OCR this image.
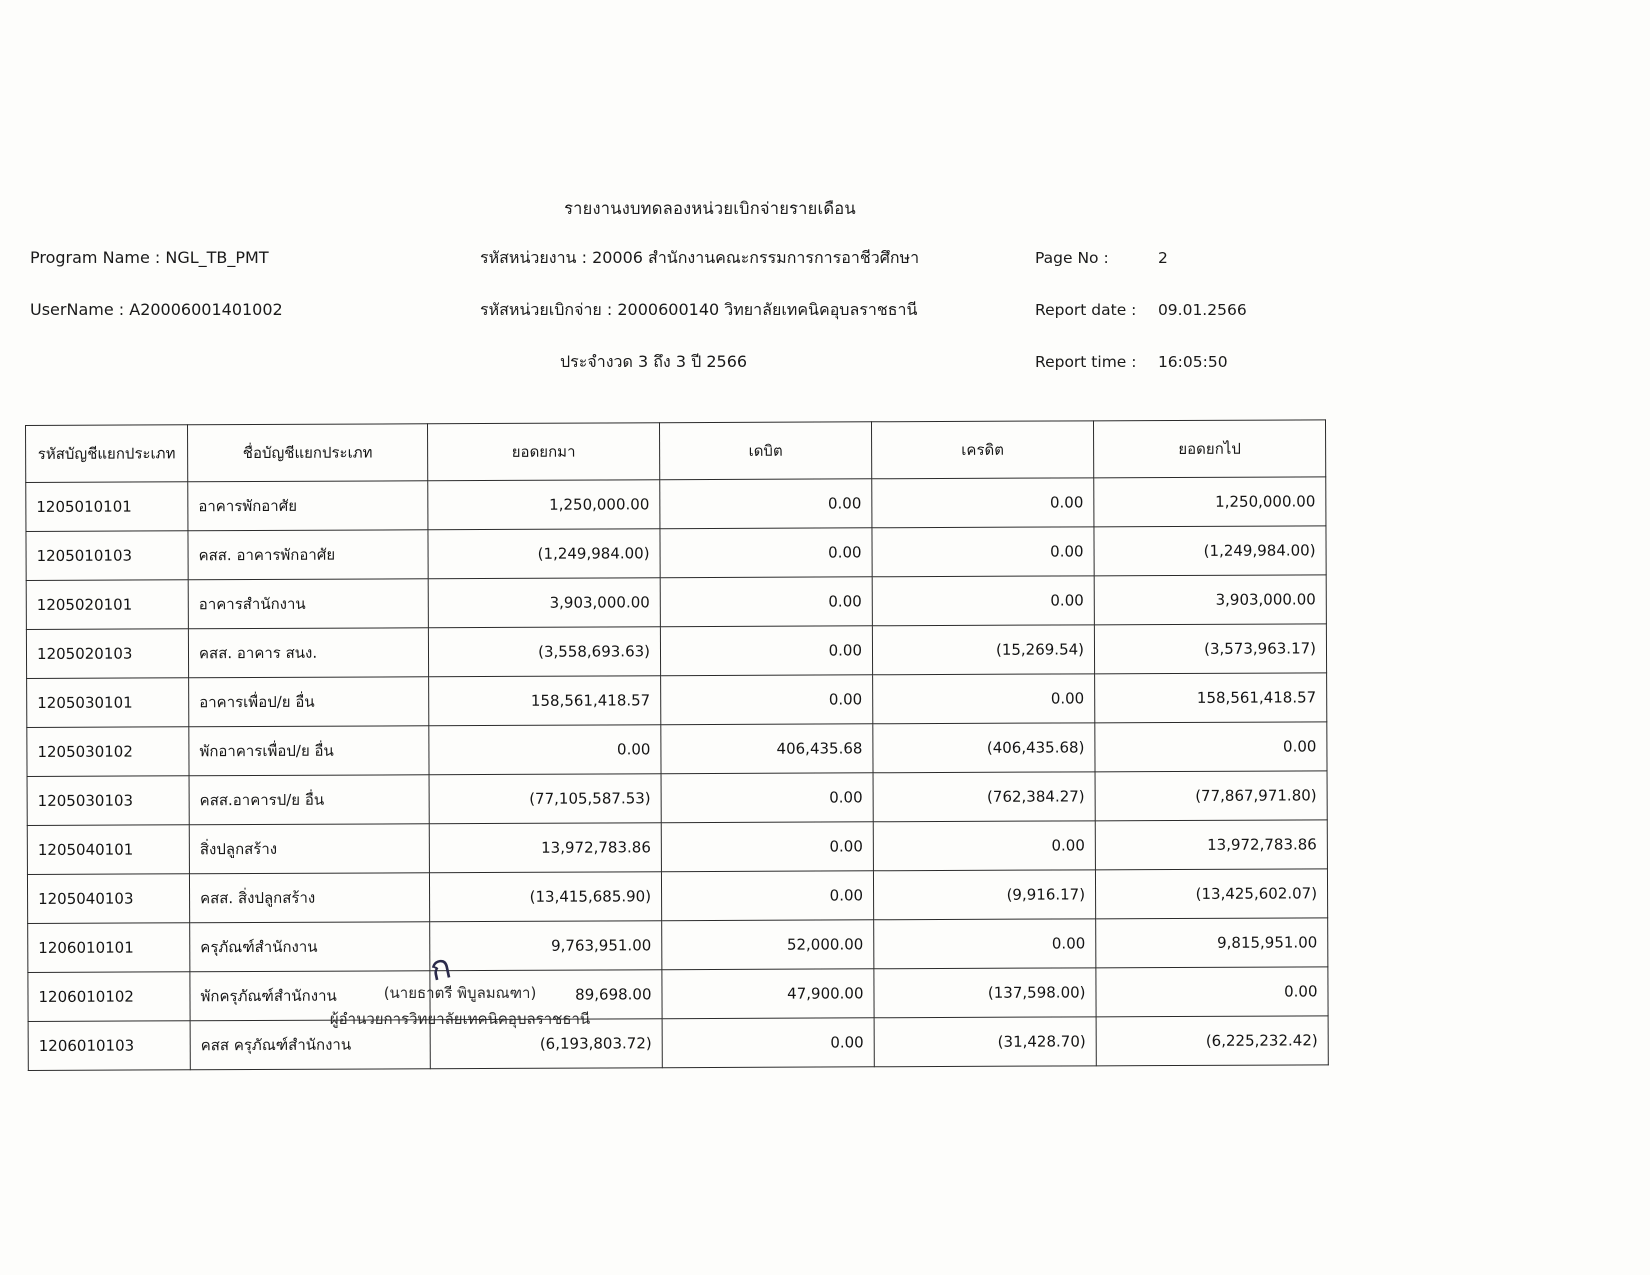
รายงานงบทดลองหน่วยเบิกจ่ายรายเดือน
Program Name : NGL_TB_PMT
UserName : A20006001401002
รหัสหน่วยงาน : 20006 สำนักงานคณะกรรมการการอาชีวศึกษา
รหัสหน่วยเบิกจ่าย : 2000600140 วิทยาลัยเทคนิคอุบลราชธานี
ประจำงวด 3 ถึง 3 ปี 2566
Page No :	2
Report date : 09.01.2566
Report time : 16:05:50
รหัสบัญชีแยกประเภท	ชื่อบัญชีแยกประเภท	ยอดยกมา	เดบิต	เครดิต	ยอดยกไป
1205010101	อาคารพักอาศัย	1,250,000.00	0.00	0.00	1,250,000.00
1205010103	คสส. อาคารพักอาศัย	(1,249,984.00)	0.00	0.00	(1,249,984.00)
1205020101	อาคารสำนักงาน	3,903,000.00	0.00	0.00	3,903,000.00
1205020103	คสส. อาคาร สนง.	(3,558,693.63)	0.00	(15,269.54)	(3,573,963.17)
1205030101	อาคารเพื่อป/ย อื่น	158,561,418.57	0.00	0.00	158,561,418.57
1205030102	พักอาคารเพื่อป/ย อื่น	0.00	406,435.68	(406,435.68)	0.00
1205030103	คสส.อาคารป/ย อื่น	(77,105,587.53)	0.00	(762,384.27)	(77,867,971.80)
1205040101	สิ่งปลูกสร้าง	13,972,783.86	0.00	0.00	13,972,783.86
1205040103	คสส. สิ่งปลูกสร้าง	(13,415,685.90)	0.00	(9,916.17)	(13,425,602.07)
1206010101	ครุภัณฑ์สำนักงาน	9,763,951.00	52,000.00	0.00	9,815,951.00
1206010102	พักครุภัณฑ์สำนักงาน	89,698.00	47,900.00	(137,598.00)	0.00
1206010103	คสส ครุภัณฑ์สำนักงาน	(6,193,803.72)	0.00	(31,428.70)	(6,225,232.42)
ก
(นายธาตรี พิบูลมณฑา)
ผู้อำนวยการวิทยาลัยเทคนิคอุบลราชธานี
